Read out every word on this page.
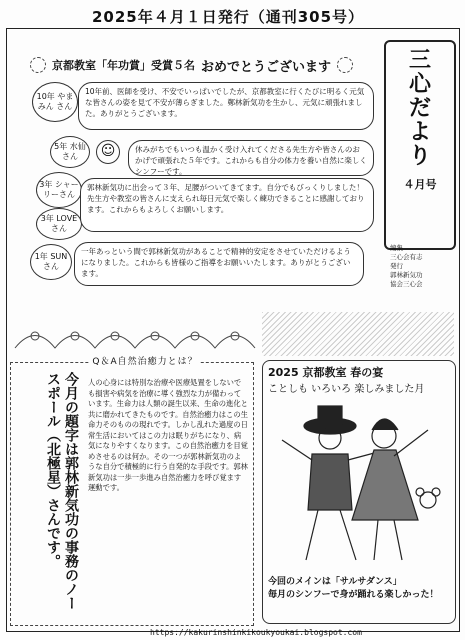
2025年４月１日発行（通刊305号）
京都教室「年功賞」受賞５名 おめでとうございます
10年 やまみん さん
10年前、医師を受け、不安でいっぱいでしたが、京都教室に行くたびに明るく元気な皆さんの姿を見て不安が薄らぎました。鄭林新気功を生かし、元気に頑張れました。ありがとうございます。
5年 水仙さん
休みがちでもいつも温かく受け入れてくださる先生方や皆さんのおかげで頑張れた５年です。これからも自分の体力を養い自然に楽しくシンフーです。
☺
3年 シャーリーさん
3年 LOVEさん
郭林新気功に出会って３年、足腰がついてきてます。自分でもびっくりしました！先生方や教室の皆さんに支えられ毎日元気で楽しく練功できることに感謝しております。これからもよろしくお願いします。
1年 SUNさん
一年あっという間で郭林新気功があることで精神的安定をさせていただけるようになりました。これからも皆様のご指導をお願いいたします。ありがとうございます。
三
心
だ
よ
り
４月号
編集
三心会有志
発行
郭林新気功
協会三心会
Q＆A自然治癒力とは？
今月の題字は郭林新気功の事務のノースポール（北極星）さんです。	人の心身には特別な治療や医療処置をしないでも損害や病気を治療に導く強烈な力が備わっています。生命力は人類の誕生以来、生命の進化と共に磨かれてきたものです。自然治癒力はこの生命力そのものの現れです。しかし乱れた過度の日常生活においてはこの力は眠りがちになり、病気になりやすくなります。この自然治癒力を目覚めさせるのは何か。その一つが郭林新気功のような自分で積極的に行う自発的な手段です。郭林新気功は一歩一歩進み自然治癒力を呼び覚ます運動です。
2025 京都教室 春の宴
ことしも いろいろ 楽しみました月
今回のメインは「サルサダンス」
毎月のシンフーで身が踊れる楽しかった！
https://kakurinshinkikoukyoukai.blogspot.com
